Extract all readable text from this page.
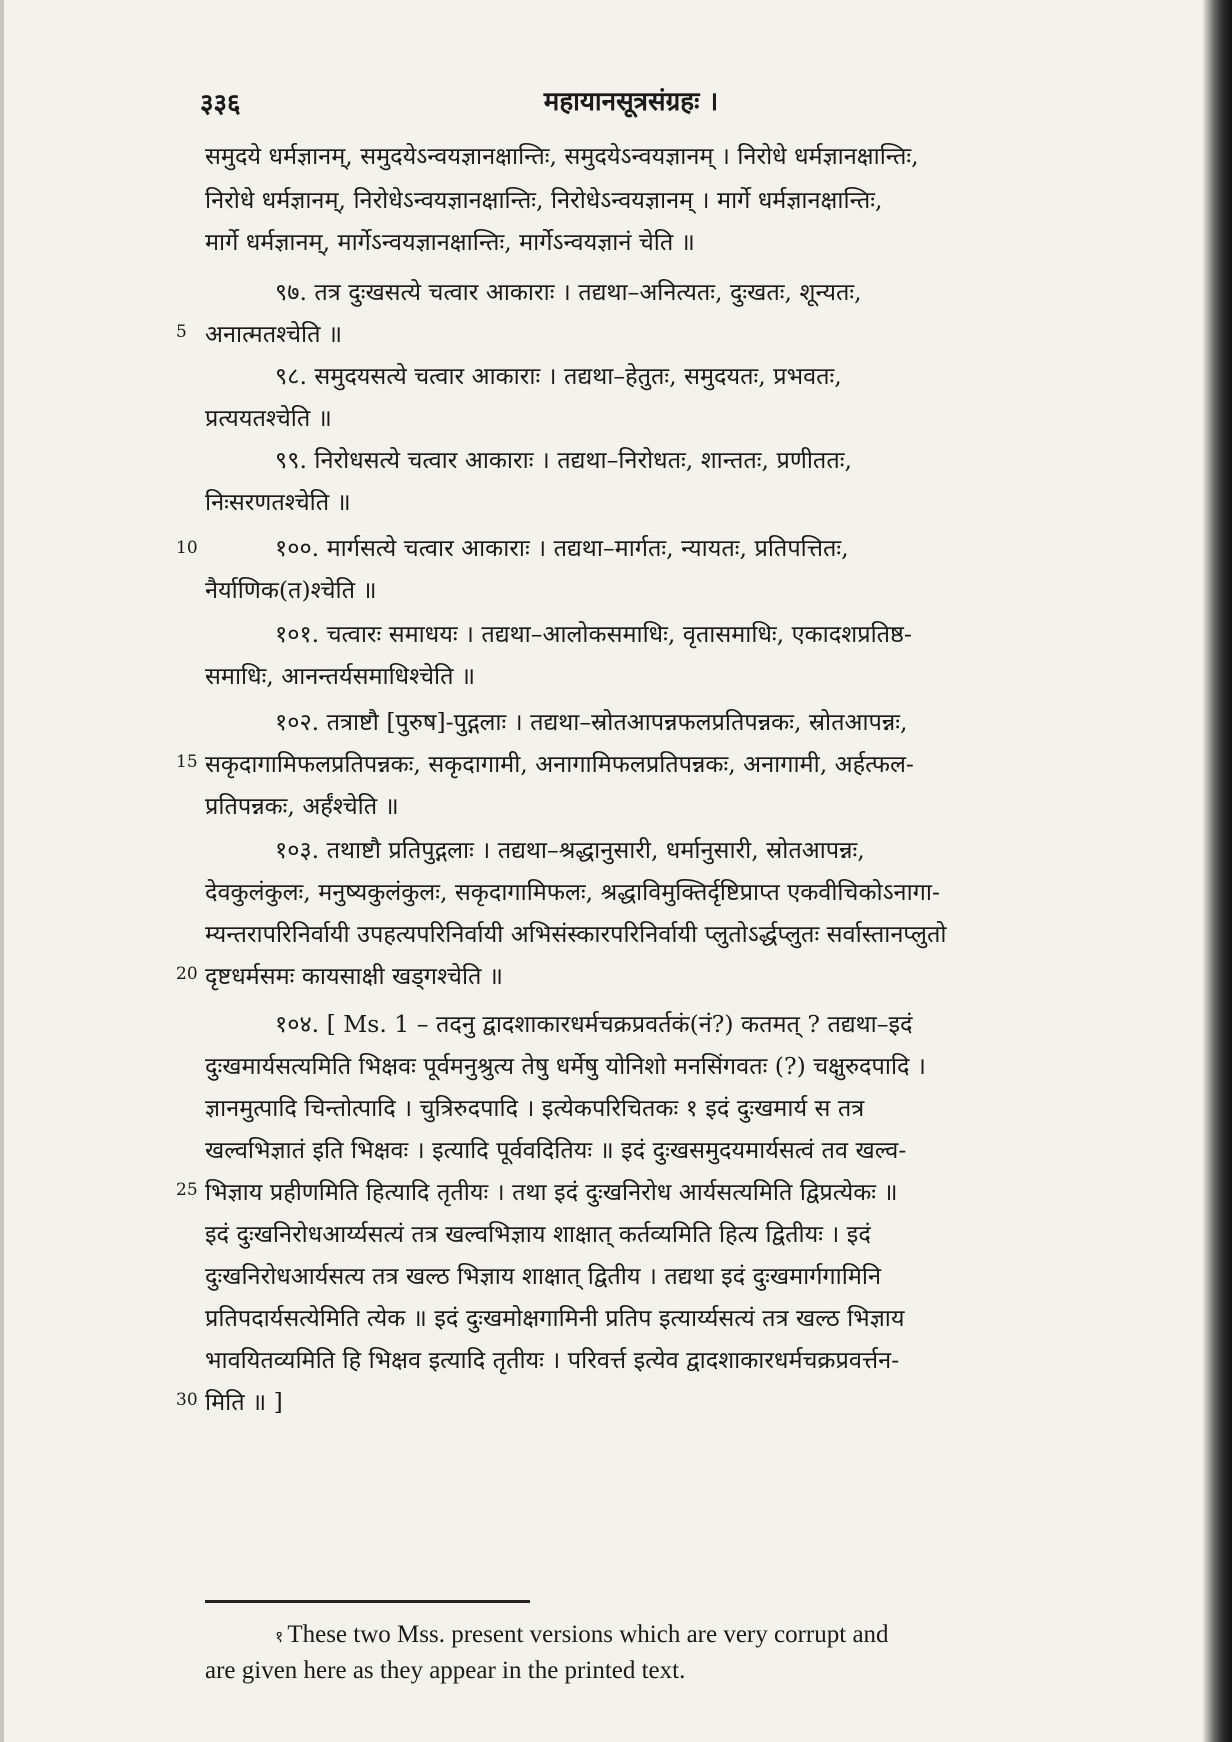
३३६	महायानसूत्रसंग्रहः ।
समुदये धर्मज्ञानम्, समुदयेऽन्वयज्ञानक्षान्तिः, समुदयेऽन्वयज्ञानम् । निरोधे धर्मज्ञानक्षान्तिः,
निरोधे धर्मज्ञानम्, निरोधेऽन्वयज्ञानक्षान्तिः, निरोधेऽन्वयज्ञानम् । मार्गे धर्मज्ञानक्षान्तिः,
मार्गे धर्मज्ञानम्, मार्गेऽन्वयज्ञानक्षान्तिः, मार्गेऽन्वयज्ञानं चेति ॥
९७. तत्र दुःखसत्ये चत्वार आकाराः । तद्यथा–अनित्यतः, दुःखतः, शून्यतः,
5 अनात्मतश्चेति ॥
९८. समुदयसत्ये चत्वार आकाराः । तद्यथा–हेतुतः, समुदयतः, प्रभवतः,
प्रत्ययतश्चेति ॥
९९. निरोधसत्ये चत्वार आकाराः । तद्यथा–निरोधतः, शान्ततः, प्रणीततः,
निःसरणतश्चेति ॥
10	१००. मार्गसत्ये चत्वार आकाराः । तद्यथा–मार्गतः, न्यायतः, प्रतिपत्तितः,
नैर्याणिक(त)श्चेति ॥
१०१. चत्वारः समाधयः । तद्यथा–आलोकसमाधिः, वृतासमाधिः, एकादशप्रतिष्ठ-
समाधिः, आनन्तर्यसमाधिश्चेति ॥
१०२. तत्राष्टौ [पुरुष]-पुद्गलाः । तद्यथा–स्रोतआपन्नफलप्रतिपन्नकः, स्रोतआपन्नः,
15 सकृदागामिफलप्रतिपन्नकः, सकृदागामी, अनागामिफलप्रतिपन्नकः, अनागामी, अर्हत्फल-
प्रतिपन्नकः, अर्हंश्चेति ॥
१०३. तथाष्टौ प्रतिपुद्गलाः । तद्यथा–श्रद्धानुसारी, धर्मानुसारी, स्रोतआपन्नः,
देवकुलंकुलः, मनुष्यकुलंकुलः, सकृदागामिफलः, श्रद्धाविमुक्तिर्दृष्टिप्राप्त एकवीचिकोऽनागा-
म्यन्तरापरिनिर्वायी उपहत्यपरिनिर्वायी अभिसंस्कारपरिनिर्वायी प्लुतोऽर्द्धप्लुतः सर्वास्तानप्लुतो
20 दृष्टधर्मसमः कायसाक्षी खड्गश्चेति ॥
१०४. [ Ms. 1 – तदनु द्वादशाकारधर्मचक्रप्रवर्तकं(नं?) कतमत् ? तद्यथा–इदं
दुःखमार्यसत्यमिति भिक्षवः पूर्वमनुश्रुत्य तेषु धर्मेषु योनिशो मनसिंगवतः (?) चक्षुरुदपादि ।
ज्ञानमुत्पादि चिन्तोत्पादि । चुत्रिरुदपादि । इत्येकपरिचितकः १ इदं दुःखमार्य स तत्र
खल्वभिज्ञातं इति भिक्षवः । इत्यादि पूर्ववदितियः ॥ इदं दुःखसमुदयमार्यसत्वं तव खल्व-
25 भिज्ञाय प्रहीणमिति हित्यादि तृतीयः । तथा इदं दुःखनिरोध आर्यसत्यमिति द्विप्रत्येकः ॥
इदं दुःखनिरोधआर्य्यसत्यं तत्र खल्वभिज्ञाय शाक्षात् कर्तव्यमिति हित्य द्वितीयः । इदं
दुःखनिरोधआर्यसत्य तत्र खल्ठ भिज्ञाय शाक्षात् द्वितीय । तद्यथा इदं दुःखमार्गगामिनि
प्रतिपदार्यसत्येमिति त्येक ॥ इदं दुःखमोक्षगामिनी प्रतिप इत्यार्य्यसत्यं तत्र खल्ठ भिज्ञाय
भावयितव्यमिति हि भिक्षव इत्यादि तृतीयः । परिवर्त्त इत्येव द्वादशाकारधर्मचक्रप्रवर्त्तन-
30 मिति ॥ ]
१ These two Mss. present versions which are very corrupt and
are given here as they appear in the printed text.
